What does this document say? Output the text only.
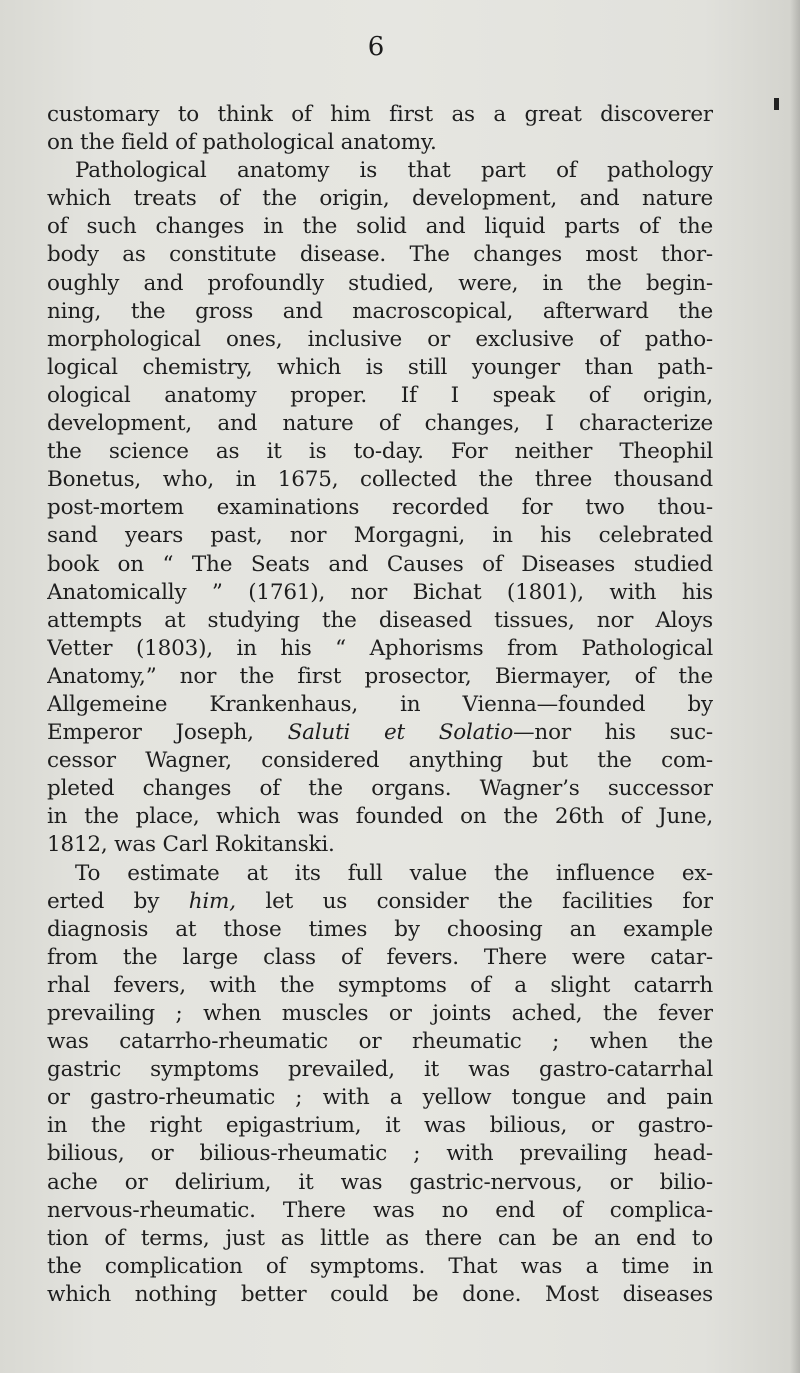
6
customary to think of him first as a great discoverer
on the field of pathological anatomy.
Pathological anatomy is that part of pathology
which treats of the origin, development, and nature
of such changes in the solid and liquid parts of the
body as constitute disease. The changes most thor-
oughly and profoundly studied, were, in the begin-
ning, the gross and macroscopical, afterward the
morphological ones, inclusive or exclusive of patho-
logical chemistry, which is still younger than path-
ological anatomy proper. If I speak of origin,
development, and nature of changes, I characterize
the science as it is to-day. For neither Theophil
Bonetus, who, in 1675, collected the three thousand
post-mortem examinations recorded for two thou-
sand years past, nor Morgagni, in his celebrated
book on “ The Seats and Causes of Diseases studied
Anatomically ” (1761), nor Bichat (1801), with his
attempts at studying the diseased tissues, nor Aloys
Vetter (1803), in his “ Aphorisms from Pathological
Anatomy,” nor the first prosector, Biermayer, of the
Allgemeine Krankenhaus, in Vienna—founded by
Emperor Joseph, Saluti et Solatio—nor his suc-
cessor Wagner, considered anything but the com-
pleted changes of the organs. Wagner’s successor
in the place, which was founded on the 26th of June,
1812, was Carl Rokitanski.
To estimate at its full value the influence ex-
erted by him, let us consider the facilities for
diagnosis at those times by choosing an example
from the large class of fevers. There were catar-
rhal fevers, with the symptoms of a slight catarrh
prevailing ; when muscles or joints ached, the fever
was catarrho-rheumatic or rheumatic ; when the
gastric symptoms prevailed, it was gastro-catarrhal
or gastro-rheumatic ; with a yellow tongue and pain
in the right epigastrium, it was bilious, or gastro-
bilious, or bilious-rheumatic ; with prevailing head-
ache or delirium, it was gastric-nervous, or bilio-
nervous-rheumatic. There was no end of complica-
tion of terms, just as little as there can be an end to
the complication of symptoms. That was a time in
which nothing better could be done. Most diseases
